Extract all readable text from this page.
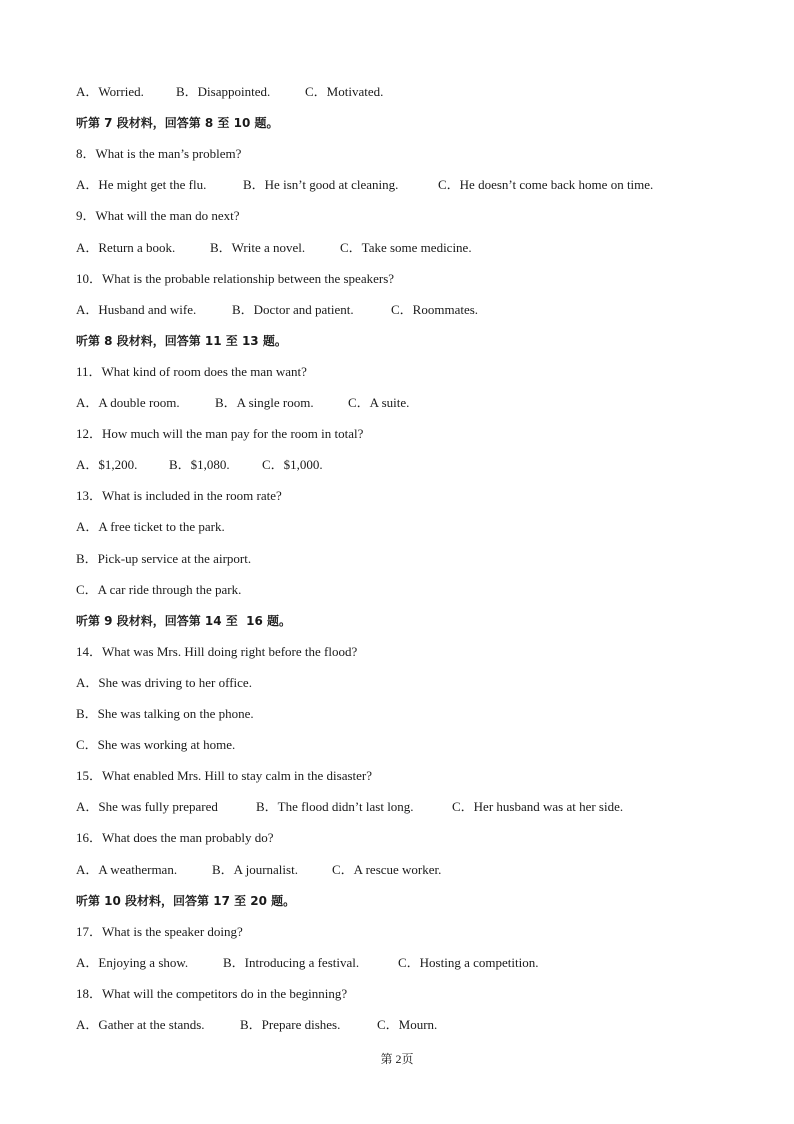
A．Worried. B．Disappointed.	C．Motivated.
听第 7 段材料，回答第 8 至 10 题。
8．What is the man’s problem?
A．He might get the flu.	B．He isn’t good at cleaning.	C．He doesn’t come back home on time.
9．What will the man do next?
A．Return a book.	B．Write a novel.	C．Take some medicine.
10．What is the probable relationship between the speakers?
A．Husband and wife.	B．Doctor and patient.	C．Roommates.
听第 8 段材料，回答第 11 至 13 题。
11．What kind of room does the man want?
A．A double room.	B．A single room.	C．A suite.
12．How much will the man pay for the room in total?
A．$1,200. B．$1,080. C．$1,000.
13．What is included in the room rate?
A．A free ticket to the park.
B．Pick-up service at the airport.
C．A car ride through the park.
听第 9 段材料，回答第 14 至  16 题。
14．What was Mrs. Hill doing right before the flood?
A．She was driving to her office.
B．She was talking on the phone.
C．She was working at home.
15．What enabled Mrs. Hill to stay calm in the disaster?
A．She was fully prepared	B．The flood didn’t last long.	C．Her husband was at her side.
16．What does the man probably do?
A．A weatherman.	B．A journalist.	C．A rescue worker.
听第 10 段材料，回答第 17 至 20 题。
17．What is the speaker doing?
A．Enjoying a show.	B．Introducing a festival.	C．Hosting a competition.
18．What will the competitors do in the beginning?
A．Gather at the stands.	B．Prepare dishes.	C．Mourn.
第 2页
